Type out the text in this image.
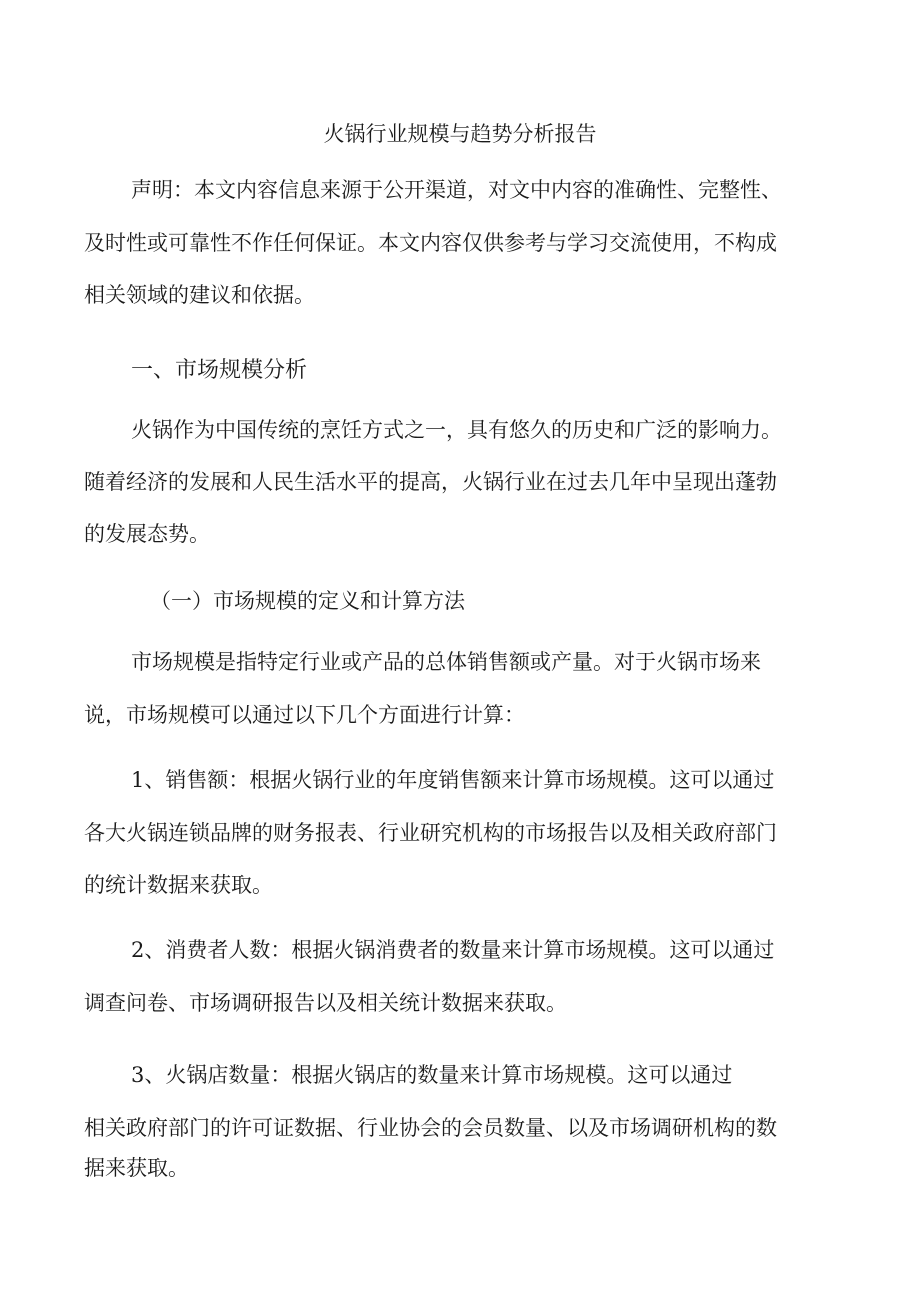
火锅行业规模与趋势分析报告
声明：本文内容信息来源于公开渠道，对文中内容的准确性、完整性、
及时性或可靠性不作任何保证。本文内容仅供参考与学习交流使用，不构成
相关领域的建议和依据。
一、市场规模分析
火锅作为中国传统的烹饪方式之一，具有悠久的历史和广泛的影响力。
随着经济的发展和人民生活水平的提高，火锅行业在过去几年中呈现出蓬勃
的发展态势。
（一）市场规模的定义和计算方法
市场规模是指特定行业或产品的总体销售额或产量。对于火锅市场来
说，市场规模可以通过以下几个方面进行计算：
1、销售额：根据火锅行业的年度销售额来计算市场规模。这可以通过
各大火锅连锁品牌的财务报表、行业研究机构的市场报告以及相关政府部门
的统计数据来获取。
2、消费者人数：根据火锅消费者的数量来计算市场规模。这可以通过
调查问卷、市场调研报告以及相关统计数据来获取。
3、火锅店数量：根据火锅店的数量来计算市场规模。这可以通过
相关政府部门的许可证数据、行业协会的会员数量、以及市场调研机构的数
据来获取。
